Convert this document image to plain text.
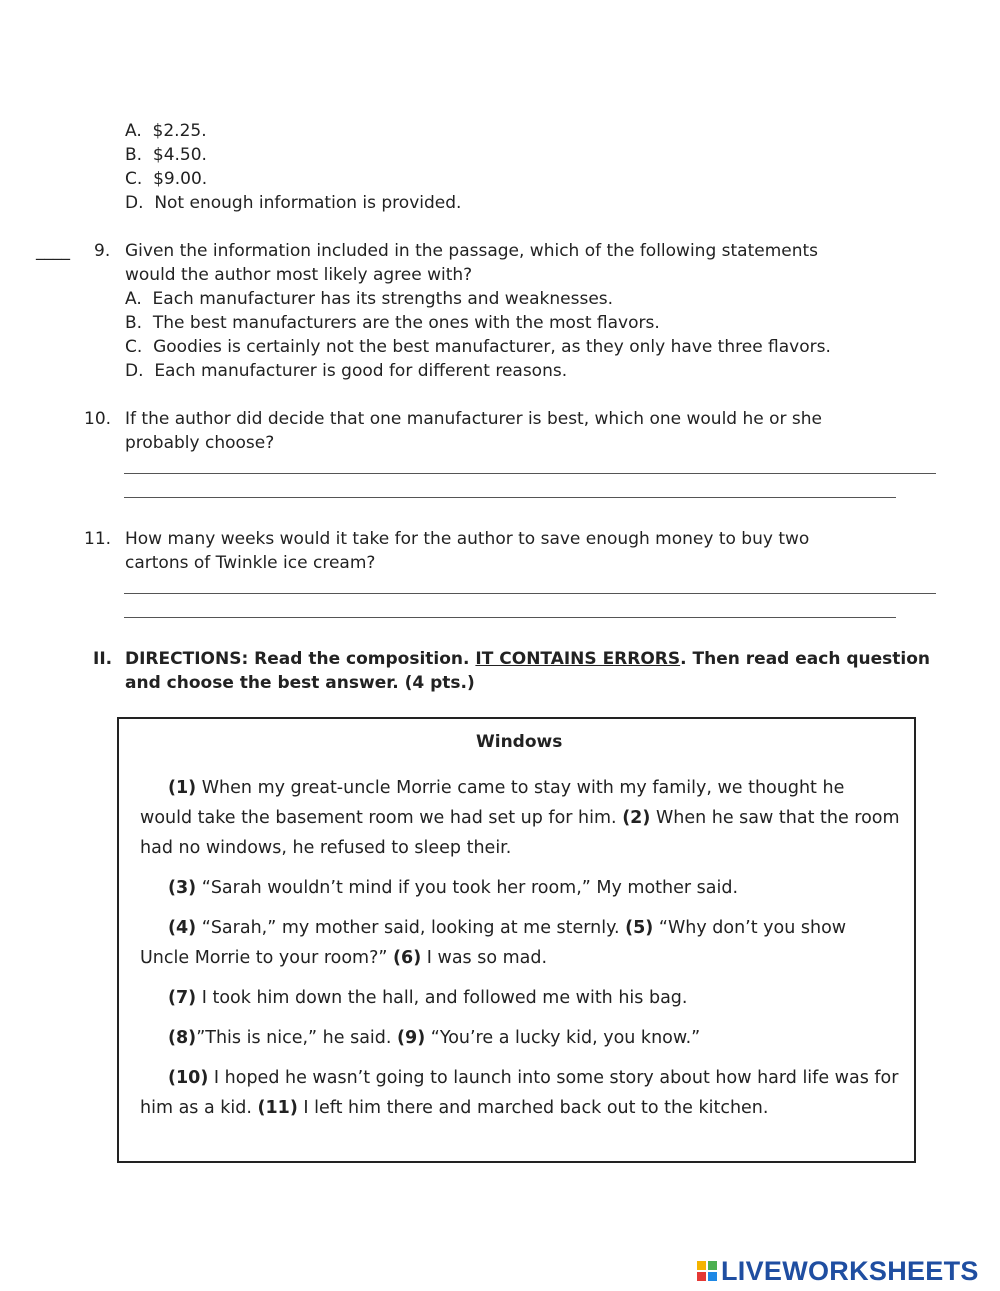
A. $2.25.
B. $4.50.
C. $9.00.
D. Not enough information is provided.
____ 9. Given the information included in the passage, which of the following statements
would the author most likely agree with?
A. Each manufacturer has its strengths and weaknesses.
B. The best manufacturers are the ones with the most flavors.
C. Goodies is certainly not the best manufacturer, as they only have three flavors.
D. Each manufacturer is good for different reasons.
10. If the author did decide that one manufacturer is best, which one would he or she
probably choose?
11. How many weeks would it take for the author to save enough money to buy two
cartons of Twinkle ice cream?
II. DIRECTIONS: Read the composition. IT CONTAINS ERRORS. Then read each question
and choose the best answer. (4 pts.)
Windows
(1) When my great-uncle Morrie came to stay with my family, we thought he would take the basement room we had set up for him. (2) When he saw that the room had no windows, he refused to sleep their.
(3) “Sarah wouldn’t mind if you took her room,” My mother said.
(4) “Sarah,” my mother said, looking at me sternly. (5) “Why don’t you show Uncle Morrie to your room?” (6) I was so mad.
(7) I took him down the hall, and followed me with his bag.
(8)”This is nice,” he said. (9) “You’re a lucky kid, you know.”
(10) I hoped he wasn’t going to launch into some story about how hard life was for him as a kid. (11) I left him there and marched back out to the kitchen.
LIVEWORKSHEETS
